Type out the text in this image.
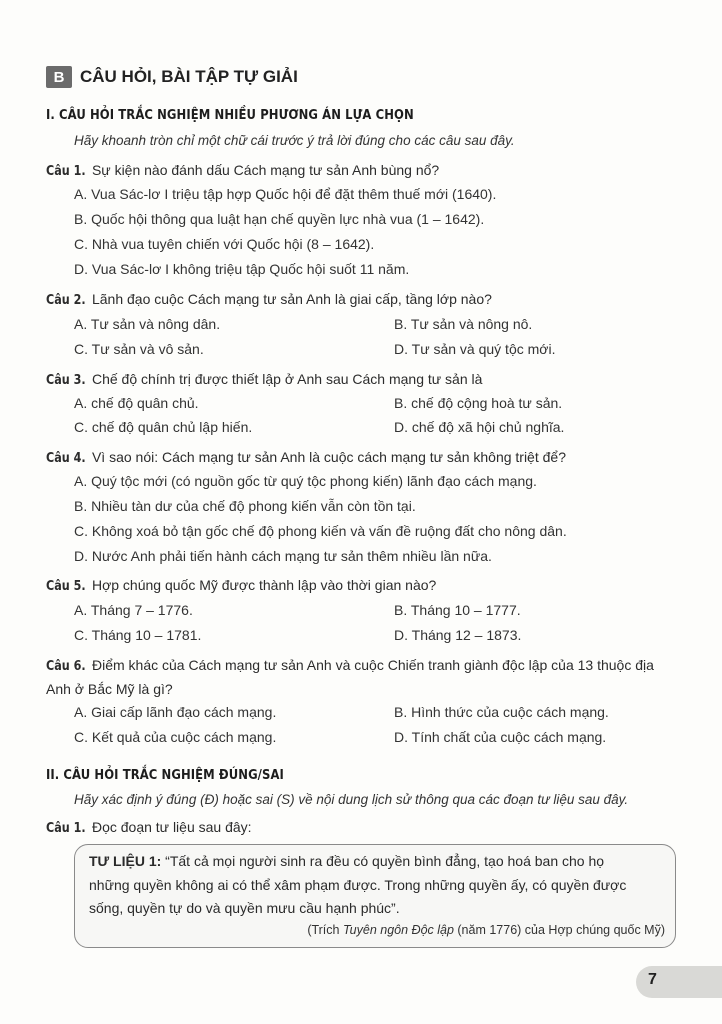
B CÂU HỎI, BÀI TẬP TỰ GIẢI
I. CÂU HỎI TRẮC NGHIỆM NHIỀU PHƯƠNG ÁN LỰA CHỌN
Hãy khoanh tròn chỉ một chữ cái trước ý trả lời đúng cho các câu sau đây.
Câu 1. Sự kiện nào đánh dấu Cách mạng tư sản Anh bùng nổ?
A. Vua Sác-lơ I triệu tập hợp Quốc hội để đặt thêm thuế mới (1640).
B. Quốc hội thông qua luật hạn chế quyền lực nhà vua (1 – 1642).
C. Nhà vua tuyên chiến với Quốc hội (8 – 1642).
D. Vua Sác-lơ I không triệu tập Quốc hội suốt 11 năm.
Câu 2. Lãnh đạo cuộc Cách mạng tư sản Anh là giai cấp, tầng lớp nào?
A. Tư sản và nông dân.	B. Tư sản và nông nô.
C. Tư sản và vô sản.	D. Tư sản và quý tộc mới.
Câu 3. Chế độ chính trị được thiết lập ở Anh sau Cách mạng tư sản là
A. chế độ quân chủ.	B. chế độ cộng hoà tư sản.
C. chế độ quân chủ lập hiến.	D. chế độ xã hội chủ nghĩa.
Câu 4. Vì sao nói: Cách mạng tư sản Anh là cuộc cách mạng tư sản không triệt để?
A. Quý tộc mới (có nguồn gốc từ quý tộc phong kiến) lãnh đạo cách mạng.
B. Nhiều tàn dư của chế độ phong kiến vẫn còn tồn tại.
C. Không xoá bỏ tận gốc chế độ phong kiến và vấn đề ruộng đất cho nông dân.
D. Nước Anh phải tiến hành cách mạng tư sản thêm nhiều lần nữa.
Câu 5. Hợp chúng quốc Mỹ được thành lập vào thời gian nào?
A. Tháng 7 – 1776.	B. Tháng 10 – 1777.
C. Tháng 10 – 1781.	D. Tháng 12 – 1873.
Câu 6. Điểm khác của Cách mạng tư sản Anh và cuộc Chiến tranh giành độc lập của 13 thuộc địa
Anh ở Bắc Mỹ là gì?
A. Giai cấp lãnh đạo cách mạng.	B. Hình thức của cuộc cách mạng.
C. Kết quả của cuộc cách mạng.	D. Tính chất của cuộc cách mạng.
II. CÂU HỎI TRẮC NGHIỆM ĐÚNG/SAI
Hãy xác định ý đúng (Đ) hoặc sai (S) về nội dung lịch sử thông qua các đoạn tư liệu sau đây.
Câu 1. Đọc đoạn tư liệu sau đây:
TƯ LIỆU 1: “Tất cả mọi người sinh ra đều có quyền bình đẳng, tạo hoá ban cho họ
những quyền không ai có thể xâm phạm được. Trong những quyền ấy, có quyền được
sống, quyền tự do và quyền mưu cầu hạnh phúc”.
(Trích Tuyên ngôn Độc lập (năm 1776) của Hợp chúng quốc Mỹ)
7
